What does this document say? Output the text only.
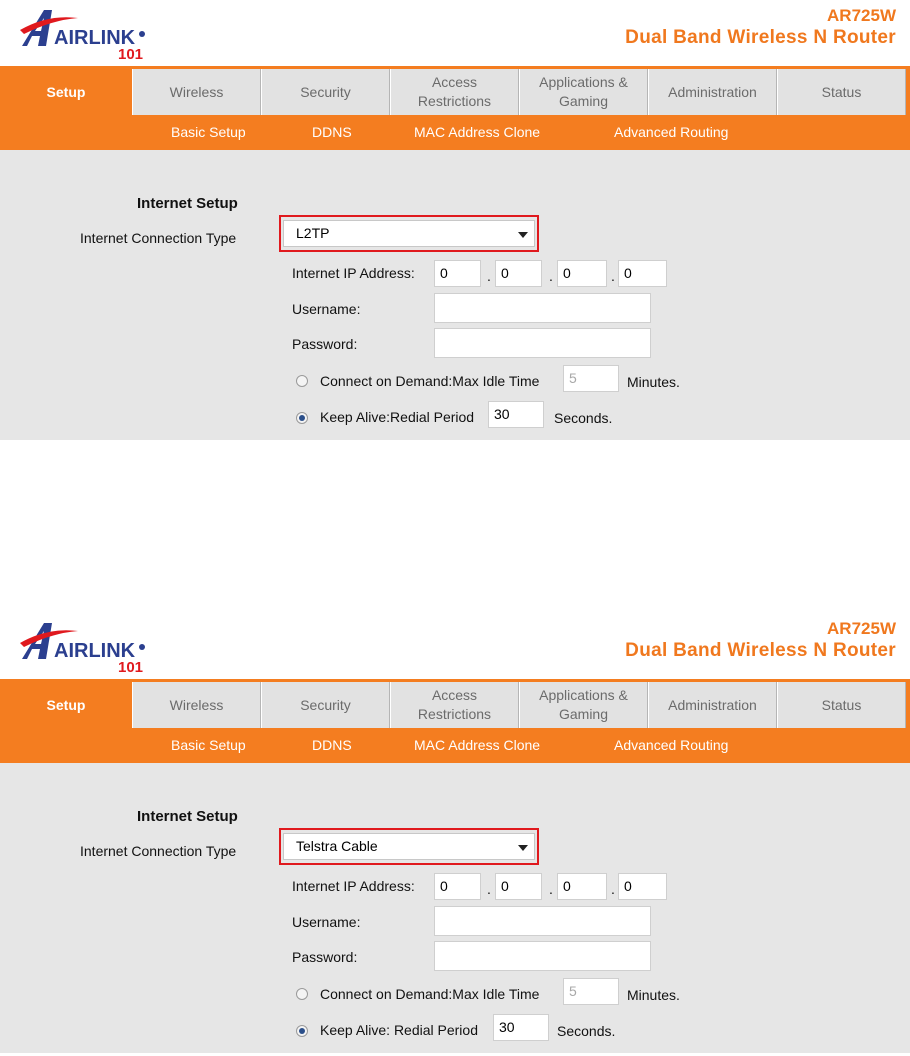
AIRLINK
101
AR725W
Dual Band Wireless N Router
Setup	Wireless	Security
Access
Restrictions
Applications &
Gaming
Administration	Status
Basic Setup	DDNS	MAC Address Clone	Advanced Routing
Internet Setup
Internet Connection Type	L2TP
Internet IP Address:	0	. 0	. 0	. 0
Username:
Password:
Connect on Demand:Max Idle Time	5	Minutes.
Keep Alive:Redial Period	30	Seconds.
AIRLINK
101
AR725W
Dual Band Wireless N Router
Setup	Wireless	Security
Access
Restrictions
Applications &
Gaming
Administration	Status
Basic Setup	DDNS	MAC Address Clone	Advanced Routing
Internet Setup
Internet Connection Type	Telstra Cable
Internet IP Address:	0	. 0	. 0	. 0
Username:
Password:
Connect on Demand:Max Idle Time	5	Minutes.
Keep Alive: Redial Period	30	Seconds.
